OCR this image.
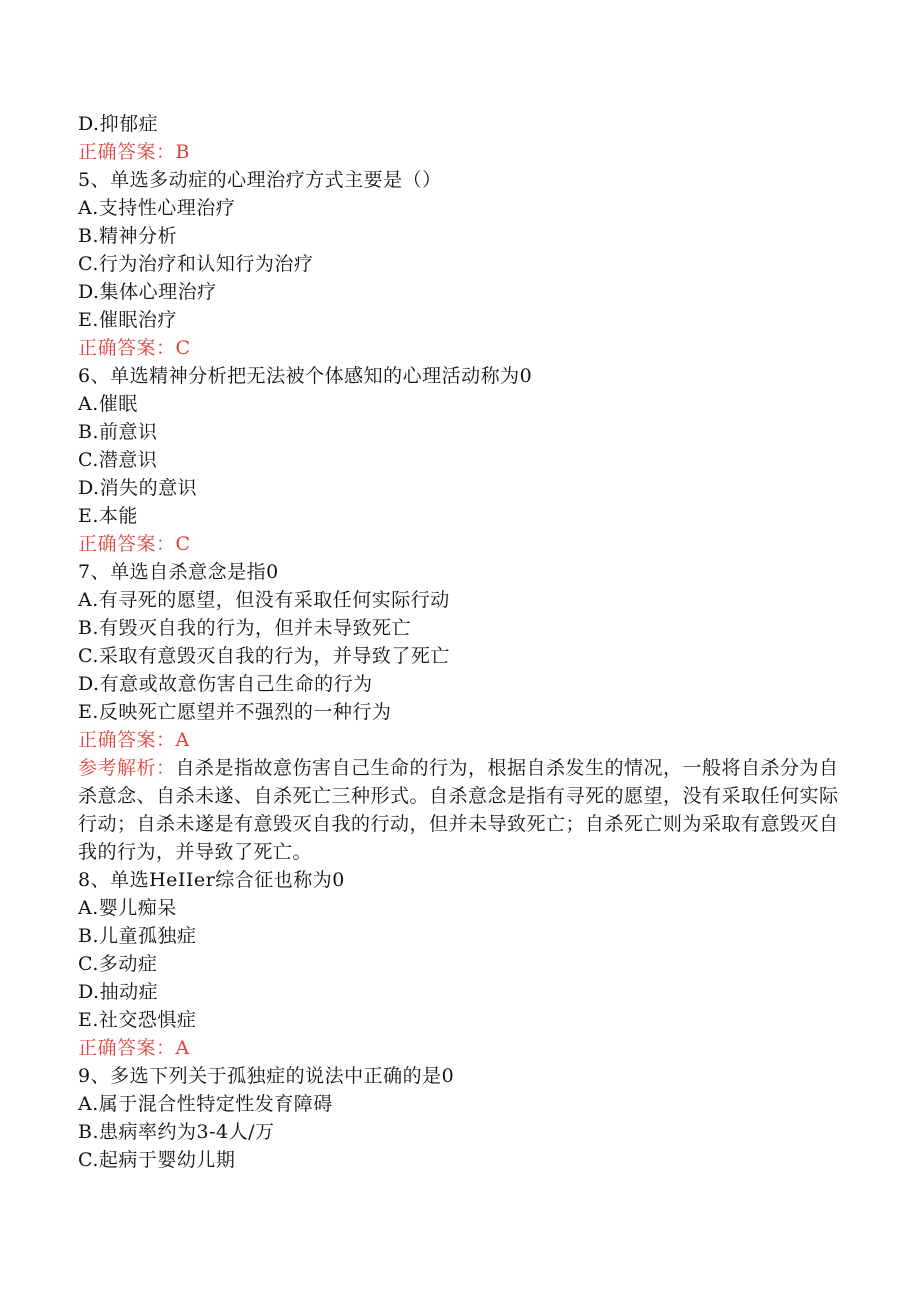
D.抑郁症
正确答案：B
5、单选多动症的心理治疗方式主要是（）
A.支持性心理治疗
B.精神分析
C.行为治疗和认知行为治疗
D.集体心理治疗
E.催眠治疗
正确答案：C
6、单选精神分析把无法被个体感知的心理活动称为0
A.催眠
B.前意识
C.潜意识
D.消失的意识
E.本能
正确答案：C
7、单选自杀意念是指0
A.有寻死的愿望，但没有采取任何实际行动
B.有毁灭自我的行为，但并未导致死亡
C.采取有意毁灭自我的行为，并导致了死亡
D.有意或故意伤害自己生命的行为
E.反映死亡愿望并不强烈的一种行为
正确答案：A
参考解析：自杀是指故意伤害自己生命的行为，根据自杀发生的情况，一般将自杀分为自杀意念、自杀未遂、自杀死亡三种形式。自杀意念是指有寻死的愿望，没有采取任何实际行动；自杀未遂是有意毁灭自我的行动，但并未导致死亡；自杀死亡则为采取有意毁灭自我的行为，并导致了死亡。
8、单选HeIIer综合征也称为0
A.婴儿痴呆
B.儿童孤独症
C.多动症
D.抽动症
E.社交恐惧症
正确答案：A
9、多选下列关于孤独症的说法中正确的是0
A.属于混合性特定性发育障碍
B.患病率约为3-4人/万
C.起病于婴幼儿期
